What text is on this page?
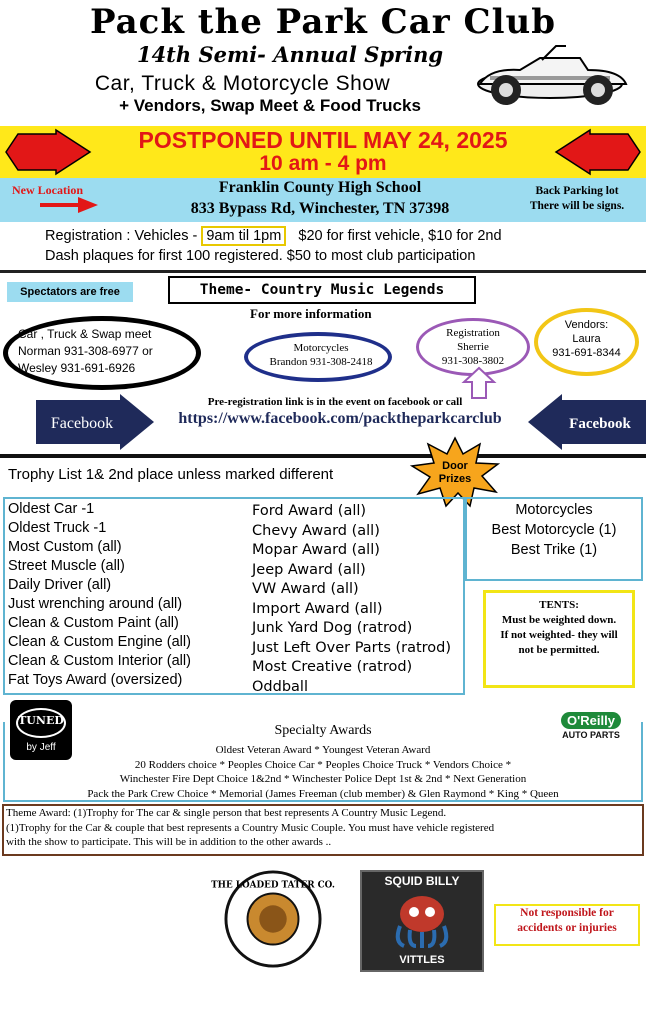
Pack the Park Car Club
14th Semi- Annual Spring
Car, Truck & Motorcycle Show
+ Vendors, Swap Meet & Food Trucks
POSTPONED UNTIL MAY 24, 2025
10 am - 4 pm
New Location	Franklin County High School
833 Bypass Rd, Winchester, TN 37398
Back Parking lot
There will be signs.
Registration : Vehicles - 9am til 1pm $20 for first vehicle, $10 for 2nd
Dash plaques for first 100 registered. $50 to most club participation
Spectators are free	Theme- Country Music Legends
For more information
Car , Truck & Swap meet
Norman 931-308-6977 or
Wesley 931-691-6926
Motorcycles
Brandon 931-308-2418
Registration
Sherrie
931-308-3802
Vendors:
Laura
931-691-8344
Facebook	Facebook
Pre-registration link is in the event on facebook or call
https://www.facebook.com/packtheparkcarclub
Trophy List 1& 2nd place unless marked different	Door
Prizes
Oldest Car -1
Oldest Truck -1
Most Custom (all)
Street Muscle (all)
Daily Driver (all)
Just wrenching around (all)
Clean & Custom Paint (all)
Clean & Custom Engine (all)
Clean & Custom Interior (all)
Fat Toys Award (oversized)
Ford Award (all)
Chevy Award (all)
Mopar Award (all)
Jeep Award (all)
VW Award (all)
Import Award (all)
Junk Yard Dog (ratrod)
Just Left Over Parts (ratrod)
Most Creative (ratrod)
Oddball
Motorcycles
Best Motorcycle (1)
Best Trike (1)
TENTS:
Must be weighted down.
If not weighted- they will
not be permitted.
TUNED
by Jeff
O'Reilly
AUTO PARTS
Specialty Awards
Oldest Veteran Award * Youngest Veteran Award
20 Rodders choice * Peoples Choice Car * Peoples Choice Truck * Vendors Choice *
Winchester Fire Dept Choice 1&2nd * Winchester Police Dept 1st & 2nd * Next Generation
Pack the Park Crew Choice * Memorial (James Freeman (club member) & Glen Raymond * King * Queen
Theme Award: (1)Trophy for The car & single person that best represents A Country Music Legend.
(1)Trophy for the Car & couple that best represents a Country Music Couple. You must have vehicle registered
with the show to participate. This will be in addition to the other awards ..
THE LOADED TATER CO.	SQUID BILLY
VITTLES
Not responsible for
accidents or injuries
